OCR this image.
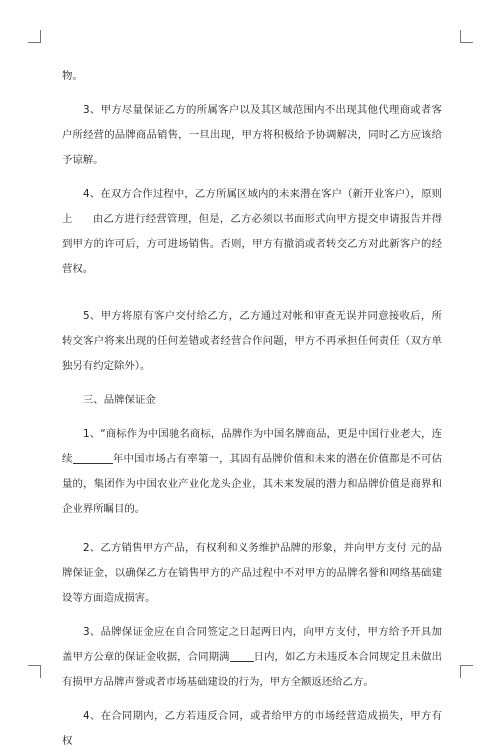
物。

3、甲方尽量保证乙方的所属客户以及其区域范围内不出现其他代理商或者客户所经营的品牌商品销售，一旦出现，甲方将积极给予协调解决，同时乙方应该给予谅解。

4、在双方合作过程中，乙方所属区域内的未来潜在客户（新开业客户），原则上 由乙方进行经营管理，但是，乙方必须以书面形式向甲方提交申请报告并得到甲方的许可后，方可进场销售。否则，甲方有撤消或者转交乙方对此新客户的经营权。

5、甲方将原有客户交付给乙方，乙方通过对帐和审查无误并同意接收后，所转交客户将来出现的任何差错或者经营合作问题，甲方不再承担任何责任（双方单独另有约定除外）。

三、品牌保证金

1、“商标作为中国驰名商标，品牌作为中国名牌商品，更是中国行业老大，连续	年中国市场占有率第一，其固有品牌价值和未来的潜在价值都是不可估量的，集团作为中国农业产业化龙头企业，其未来发展的潜力和品牌价值是商界和企业界所瞩目的。

2、乙方销售甲方产品，有权利和义务维护品牌的形象，并向甲方支付 元的品牌保证金，以确保乙方在销售甲方的产品过程中不对甲方的品牌名誉和网络基础建设等方面造成损害。

3、品牌保证金应在自合同签定之日起两日内，向甲方支付，甲方给予开具加盖甲方公章的保证金收据，合同期满 日内，如乙方未违反本合同规定且未做出有损甲方品牌声誉或者市场基础建设的行为，甲方全额返还给乙方。

4、在合同期内，乙方若违反合同，或者给甲方的市场经营造成损失，甲方有权
